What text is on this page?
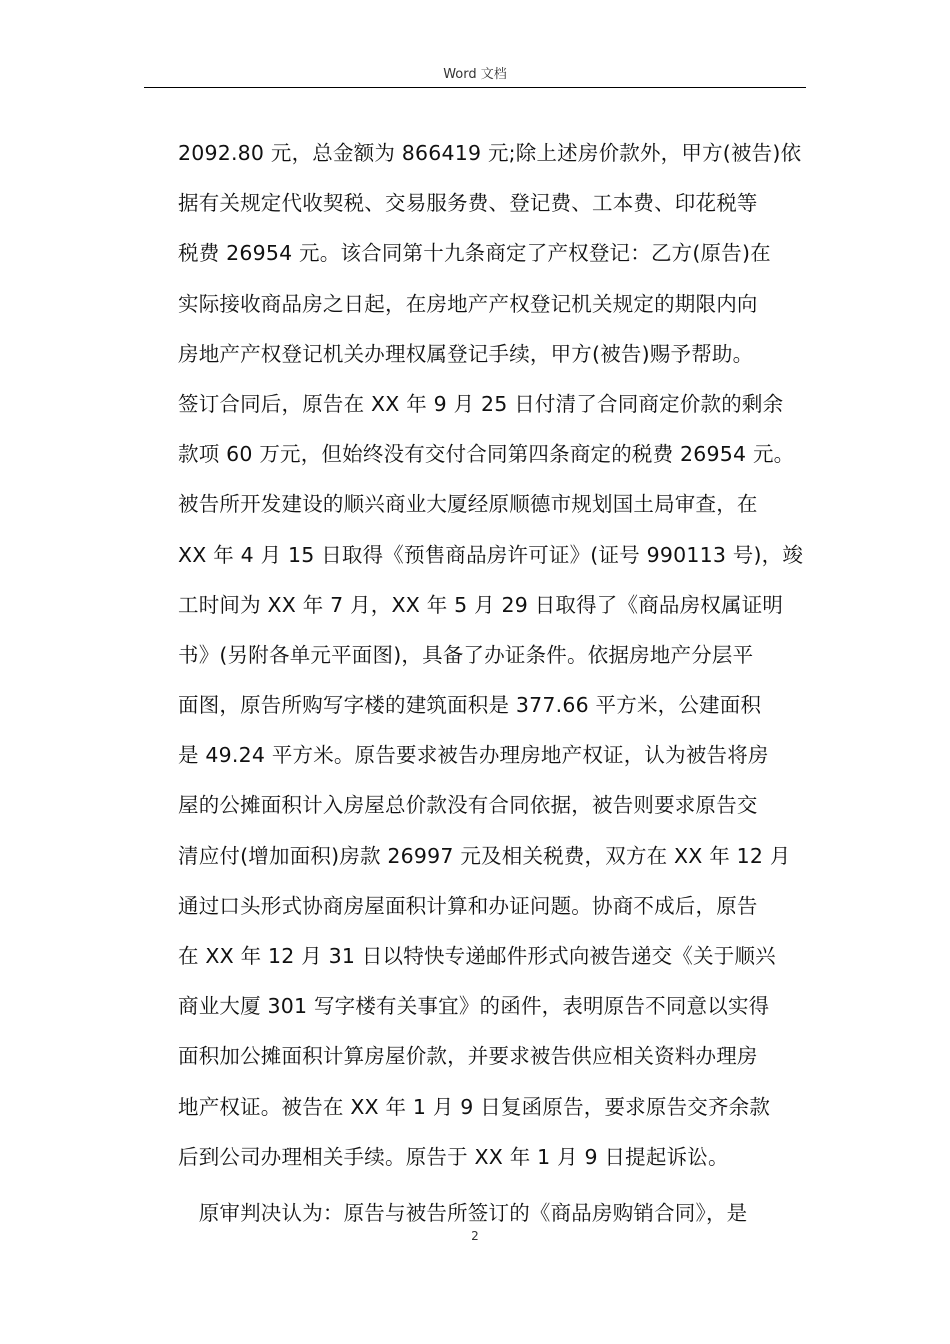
Word 文档
2092.80 元，总金额为 866419 元;除上述房价款外，甲方(被告)依
据有关规定代收契税、交易服务费、登记费、工本费、印花税等
税费 26954 元。该合同第十九条商定了产权登记：乙方(原告)在
实际接收商品房之日起，在房地产产权登记机关规定的期限内向
房地产产权登记机关办理权属登记手续，甲方(被告)赐予帮助。
签订合同后，原告在 XX 年 9 月 25 日付清了合同商定价款的剩余
款项 60 万元，但始终没有交付合同第四条商定的税费 26954 元。
被告所开发建设的顺兴商业大厦经原顺德市规划国土局审查，在
XX 年 4 月 15 日取得《预售商品房许可证》(证号 990113 号)，竣
工时间为 XX 年 7 月，XX 年 5 月 29 日取得了《商品房权属证明
书》(另附各单元平面图)，具备了办证条件。依据房地产分层平
面图，原告所购写字楼的建筑面积是 377.66 平方米，公建面积
是 49.24 平方米。原告要求被告办理房地产权证，认为被告将房
屋的公摊面积计入房屋总价款没有合同依据，被告则要求原告交
清应付(增加面积)房款 26997 元及相关税费，双方在 XX 年 12 月
通过口头形式协商房屋面积计算和办证问题。协商不成后，原告
在 XX 年 12 月 31 日以特快专递邮件形式向被告递交《关于顺兴
商业大厦 301 写字楼有关事宜》的函件，表明原告不同意以实得
面积加公摊面积计算房屋价款，并要求被告供应相关资料办理房
地产权证。被告在 XX 年 1 月 9 日复函原告，要求原告交齐余款
后到公司办理相关手续。原告于 XX 年 1 月 9 日提起诉讼。
　原审判决认为：原告与被告所签订的《商品房购销合同》，是
2
